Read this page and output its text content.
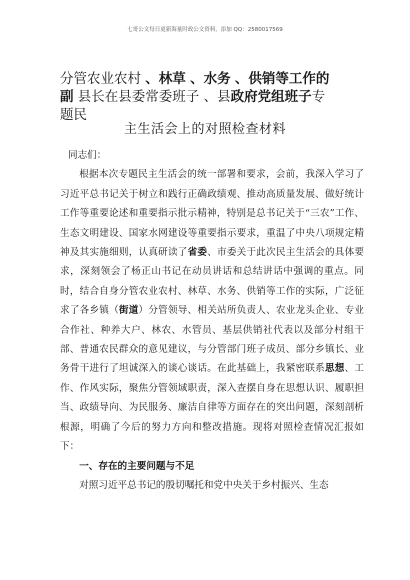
七哥公文每日更新海量时政公文资料，添加 QQ：2580017569
分管农业农村 、林草 、水务 、供销等工作的
副 县长在县委常委班子 、县政府党组班子专
题民
主生活会上的对照检查材料

同志们：

根据本次专题民主生活会的统一部署和要求，会前，我深入学习了习近平总书记关于树立和践行正确政绩观、推动高质量发展、做好统计工作等重要论述和重要指示批示精神，特别是总书记关于“三农”工作、生态文明建设、国家水网建设等重要指示要求，重温了中央八项规定精神及其实施细则，认真研读了省委、市委关于此次民主生活会的具体要求，深刻领会了杨正山书记在动员讲话和总结讲话中强调的重点。同时，结合自身分管农业农村、林草、水务、供销等工作的实际，广泛征求了各乡镇（街道）分管领导、相关站所负责人、农业龙头企业、专业合作社、种养大户、林农、水管员、基层供销社代表以及部分村组干部、普通农民群众的意见建议，与分管部门班子成员、部分乡镇长、业务骨干进行了坦诚深入的谈心谈话。在此基础上，我紧密联系思想、工作、作风实际，聚焦分管领域职责，深入查摆自身在思想认识、履职担当、政绩导向、为民服务、廉洁自律等方面存在的突出问题，深刻剖析根源，明确了今后的努力方向和整改措施。现将对照检查情况汇报如下：

一、存在的主要问题与不足

对照习近平总书记的殷切嘱托和党中央关于乡村振兴、生态
